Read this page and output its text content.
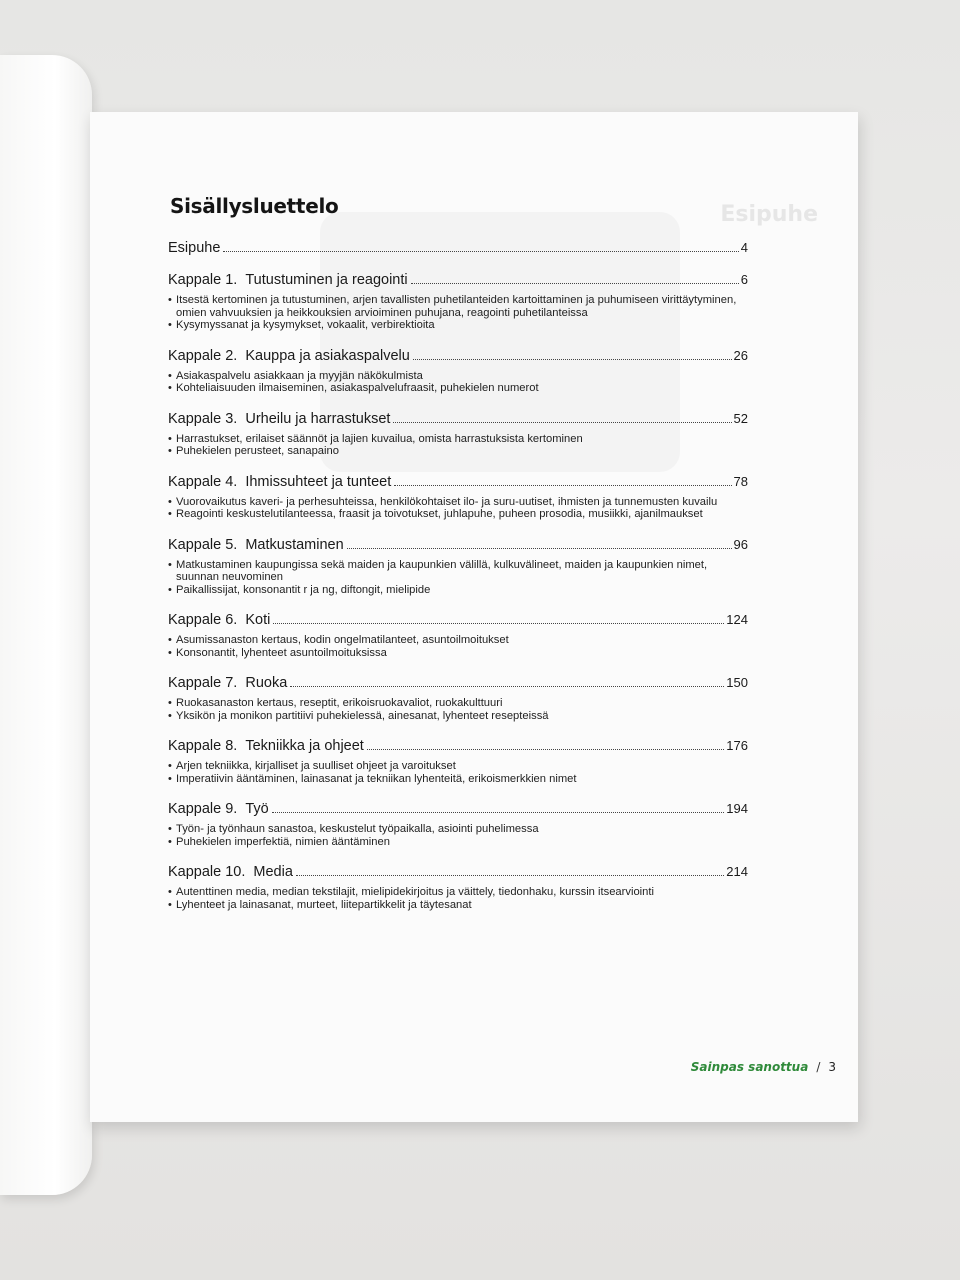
Esipuhe
Sisällysluettelo
Esipuhe	4
Kappale 1. Tutustuminen ja reagointi	6
• Itsestä kertominen ja tutustuminen, arjen tavallisten puhetilanteiden kartoittaminen ja puhumiseen virittäytyminen, omien vahvuuksien ja heikkouksien arvioiminen puhujana, reagointi puhetilanteissa
• Kysymyssanat ja kysymykset, vokaalit, verbirektioita
Kappale 2. Kauppa ja asiakaspalvelu	26
• Asiakaspalvelu asiakkaan ja myyjän näkökulmista
• Kohteliaisuuden ilmaiseminen, asiakaspalvelufraasit, puhekielen numerot
Kappale 3. Urheilu ja harrastukset	52
• Harrastukset, erilaiset säännöt ja lajien kuvailua, omista harrastuksista kertominen
• Puhekielen perusteet, sanapaino
Kappale 4. Ihmissuhteet ja tunteet	78
• Vuorovaikutus kaveri- ja perhesuhteissa, henkilökohtaiset ilo- ja suru-uutiset, ihmisten ja tunnemusten kuvailu
• Reagointi keskustelutilanteessa, fraasit ja toivotukset, juhlapuhe, puheen prosodia, musiikki, ajanilmaukset
Kappale 5. Matkustaminen	96
• Matkustaminen kaupungissa sekä maiden ja kaupunkien välillä, kulkuvälineet, maiden ja kaupunkien nimet, suunnan neuvominen
• Paikallissijat, konsonantit r ja ng, diftongit, mielipide
Kappale 6. Koti	124
• Asumissanaston kertaus, kodin ongelmatilanteet, asuntoilmoitukset
• Konsonantit, lyhenteet asuntoilmoituksissa
Kappale 7. Ruoka	150
• Ruokasanaston kertaus, reseptit, erikoisruokavaliot, ruokakulttuuri
• Yksikön ja monikon partitiivi puhekielessä, ainesanat, lyhenteet resepteissä
Kappale 8. Tekniikka ja ohjeet	176
• Arjen tekniikka, kirjalliset ja suulliset ohjeet ja varoitukset
• Imperatiivin ääntäminen, lainasanat ja tekniikan lyhenteitä, erikoismerkkien nimet
Kappale 9. Työ	194
• Työn- ja työnhaun sanastoa, keskustelut työpaikalla, asiointi puhelimessa
• Puhekielen imperfektiä, nimien ääntäminen
Kappale 10. Media	214
• Autenttinen media, median tekstilajit, mielipidekirjoitus ja väittely, tiedonhaku, kurssin itsearviointi
• Lyhenteet ja lainasanat, murteet, liitepartikkelit ja täytesanat
Sainpas sanottua / 3
